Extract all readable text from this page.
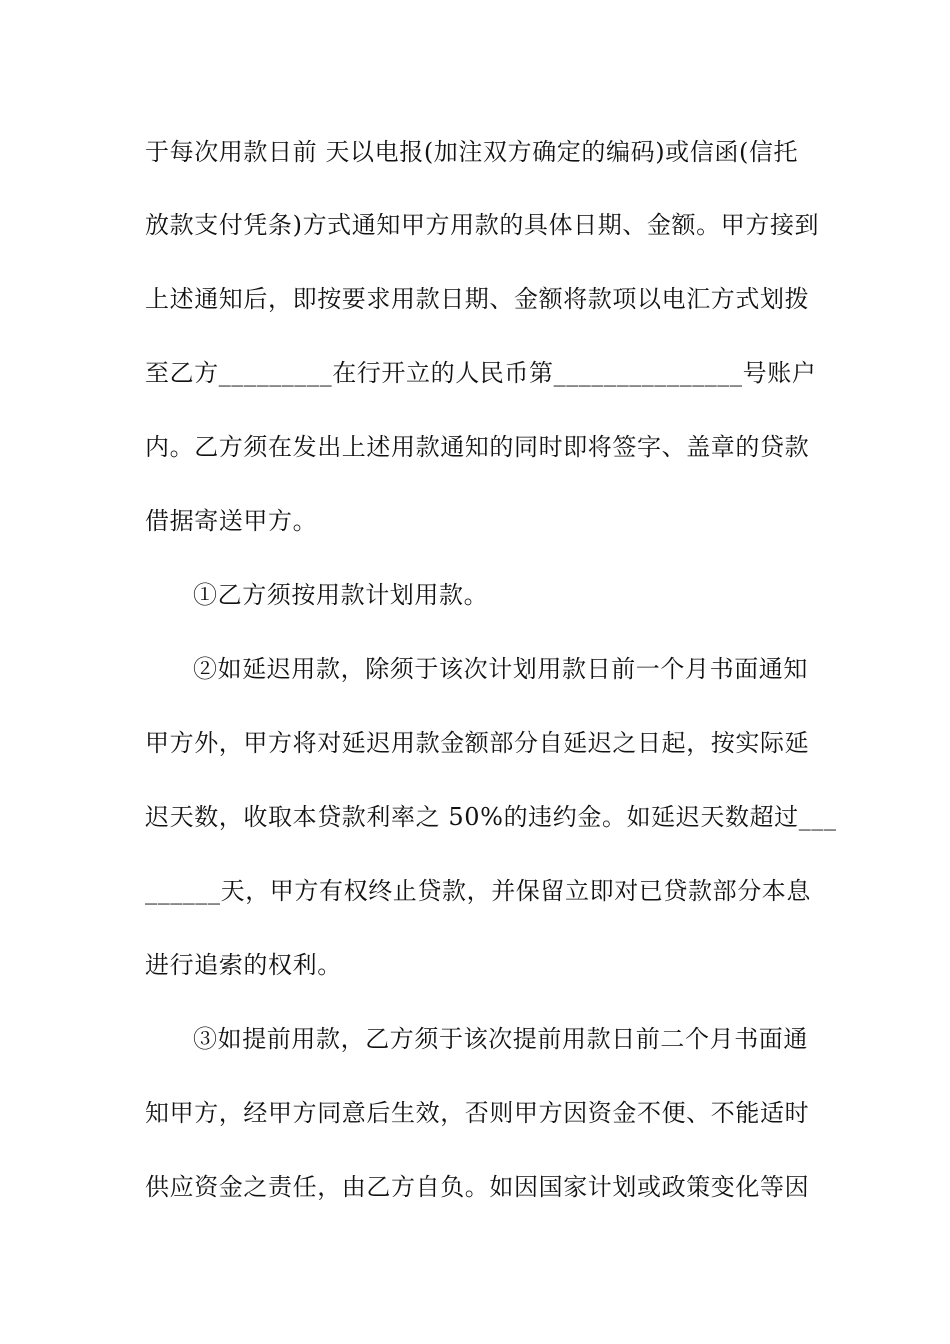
于每次用款日前 天以电报(加注双方确定的编码)或信函(信托
放款支付凭条)方式通知甲方用款的具体日期、金额。甲方接到
上述通知后，即按要求用款日期、金额将款项以电汇方式划拨
至乙方_________在行开立的人民币第_______________号账户
内。乙方须在发出上述用款通知的同时即将签字、盖章的贷款
借据寄送甲方。
①乙方须按用款计划用款。
②如延迟用款，除须于该次计划用款日前一个月书面通知
甲方外，甲方将对延迟用款金额部分自延迟之日起，按实际延
迟天数，收取本贷款利率之 50%的违约金。如延迟天数超过___
______天，甲方有权终止贷款，并保留立即对已贷款部分本息
进行追索的权利。
③如提前用款，乙方须于该次提前用款日前二个月书面通
知甲方，经甲方同意后生效，否则甲方因资金不便、不能适时
供应资金之责任，由乙方自负。如因国家计划或政策变化等因
